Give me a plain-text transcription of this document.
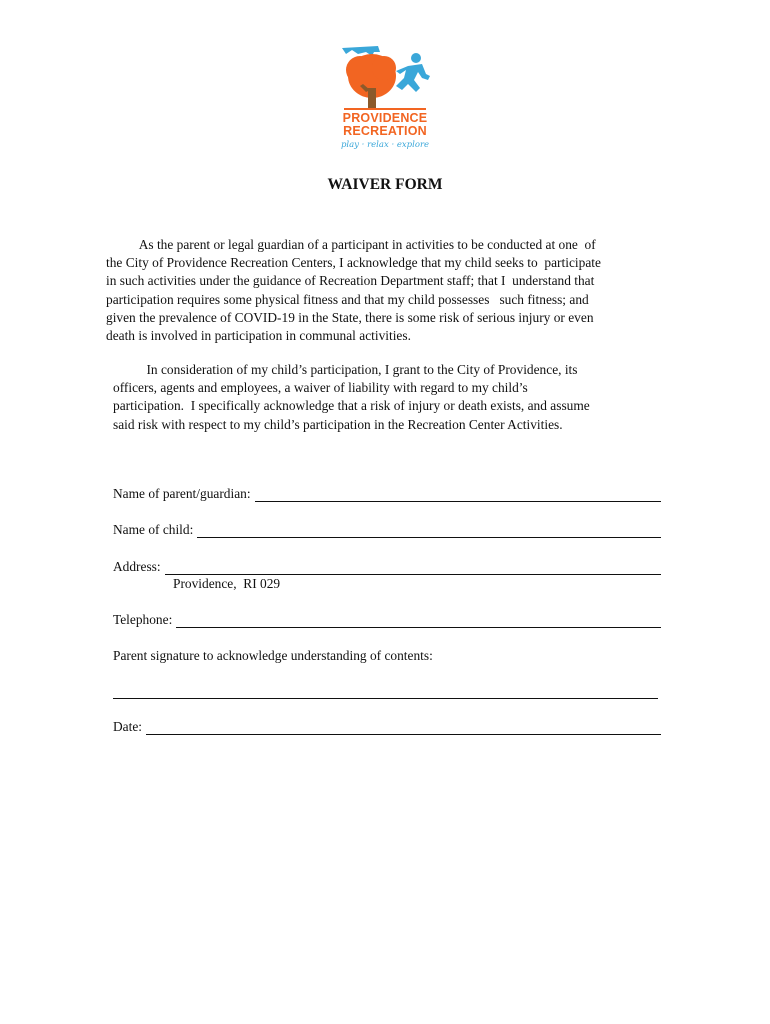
PROVIDENCE
RECREATION
play · relax · explore
WAIVER FORM
As the parent or legal guardian of a participant in activities to be conducted at one  of
the City of Providence Recreation Centers, I acknowledge that my child seeks to  participate
in such activities under the guidance of Recreation Department staff; that I  understand that
participation requires some physical fitness and that my child possesses   such fitness; and
given the prevalence of COVID-19 in the State, there is some risk of serious injury or even
death is involved in participation in communal activities.
In consideration of my child’s participation, I grant to the City of Providence, its
officers, agents and employees, a waiver of liability with regard to my child’s
participation.  I specifically acknowledge that a risk of injury or death exists, and assume
said risk with respect to my child’s participation in the Recreation Center Activities.
Name of parent/guardian:
Name of child:
Address:
Providence,  RI 029
Telephone:
Parent signature to acknowledge understanding of contents:
Date:
